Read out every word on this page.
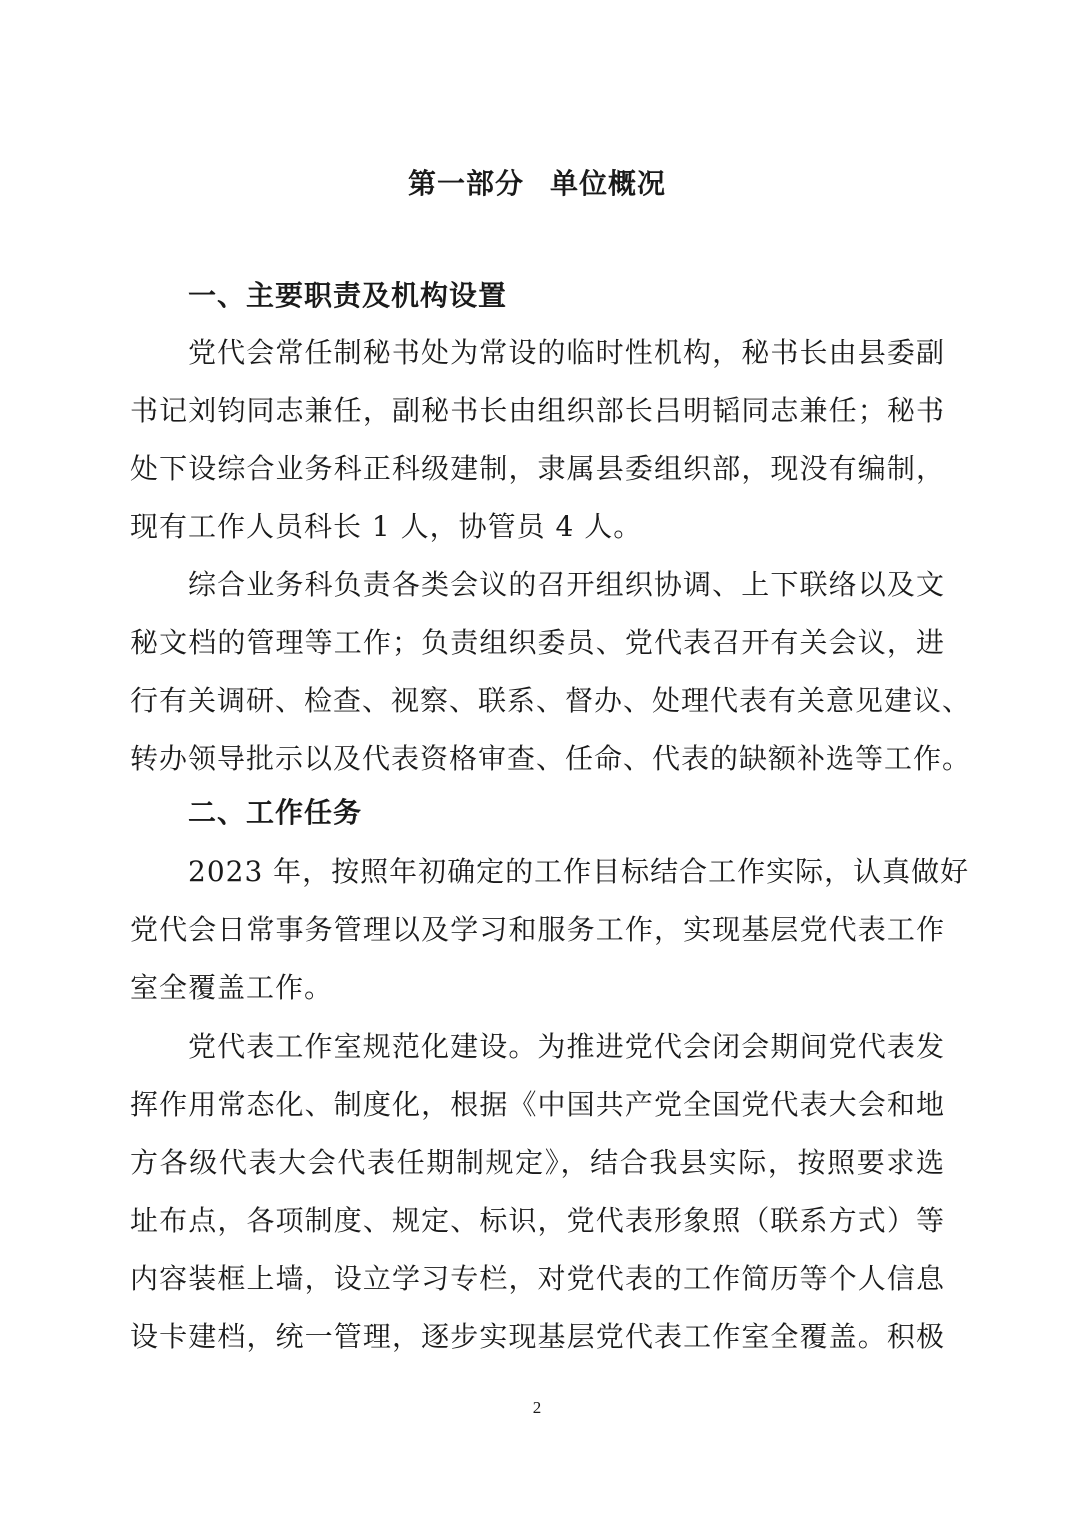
第一部分 单位概况
一、主要职责及机构设置
党代会常任制秘书处为常设的临时性机构，秘书长由县委副
书记刘钧同志兼任，副秘书长由组织部长吕明韬同志兼任；秘书
处下设综合业务科正科级建制，隶属县委组织部，现没有编制，
现有工作人员科长 1 人，协管员 4 人。
综合业务科负责各类会议的召开组织协调、上下联络以及文
秘文档的管理等工作；负责组织委员、党代表召开有关会议，进
行有关调研、检查、视察、联系、督办、处理代表有关意见建议、
转办领导批示以及代表资格审查、任命、代表的缺额补选等工作。
二、工作任务
2023 年，按照年初确定的工作目标结合工作实际，认真做好
党代会日常事务管理以及学习和服务工作，实现基层党代表工作
室全覆盖工作。
党代表工作室规范化建设。为推进党代会闭会期间党代表发
挥作用常态化、制度化，根据《中国共产党全国党代表大会和地
方各级代表大会代表任期制规定》，结合我县实际，按照要求选
址布点，各项制度、规定、标识，党代表形象照（联系方式）等
内容装框上墙，设立学习专栏，对党代表的工作简历等个人信息
设卡建档，统一管理，逐步实现基层党代表工作室全覆盖。积极

2
